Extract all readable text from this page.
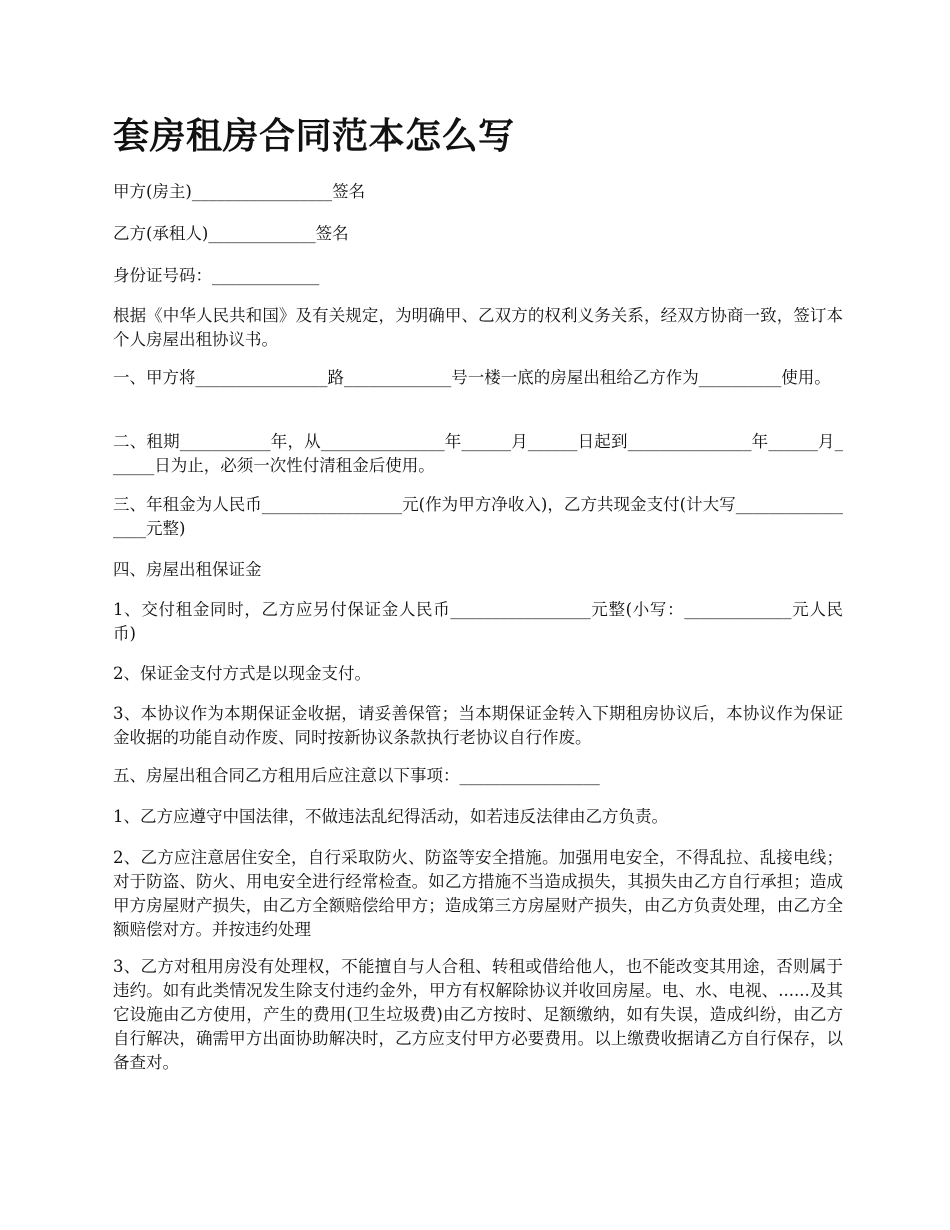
套房租房合同范本怎么写

甲方(房主)_________________签名

乙方(承租人)_____________签名

身份证号码：_____________

根据《中华人民共和国》及有关规定，为明确甲、乙双方的权利义务关系，经双方协商一致，签订本个人房屋出租协议书。

一、甲方将________________路_____________号一楼一底的房屋出租给乙方作为__________使用。

二、租期___________年，从_______________年______月______日起到_______________年______月______日为止，必须一次性付清租金后使用。

三、年租金为人民币_________________元(作为甲方净收入)，乙方共现金支付(计大写_________________元整)

四、房屋出租保证金

1、交付租金同时，乙方应另付保证金人民币_________________元整(小写：_____________元人民币)

2、保证金支付方式是以现金支付。

3、本协议作为本期保证金收据，请妥善保管；当本期保证金转入下期租房协议后，本协议作为保证金收据的功能自动作废、同时按新协议条款执行老协议自行作废。

五、房屋出租合同乙方租用后应注意以下事项：_________________

1、乙方应遵守中国法律，不做违法乱纪得活动，如若违反法律由乙方负责。

2、乙方应注意居住安全，自行采取防火、防盗等安全措施。加强用电安全，不得乱拉、乱接电线；对于防盗、防火、用电安全进行经常检查。如乙方措施不当造成损失，其损失由乙方自行承担；造成甲方房屋财产损失，由乙方全额赔偿给甲方；造成第三方房屋财产损失，由乙方负责处理，由乙方全额赔偿对方。并按违约处理

3、乙方对租用房没有处理权，不能擅自与人合租、转租或借给他人，也不能改变其用途，否则属于违约。如有此类情况发生除支付违约金外，甲方有权解除协议并收回房屋。电、水、电视、......及其它设施由乙方使用，产生的费用(卫生垃圾费)由乙方按时、足额缴纳，如有失误，造成纠纷，由乙方自行解决，确需甲方出面协助解决时，乙方应支付甲方必要费用。以上缴费收据请乙方自行保存，以备查对。
